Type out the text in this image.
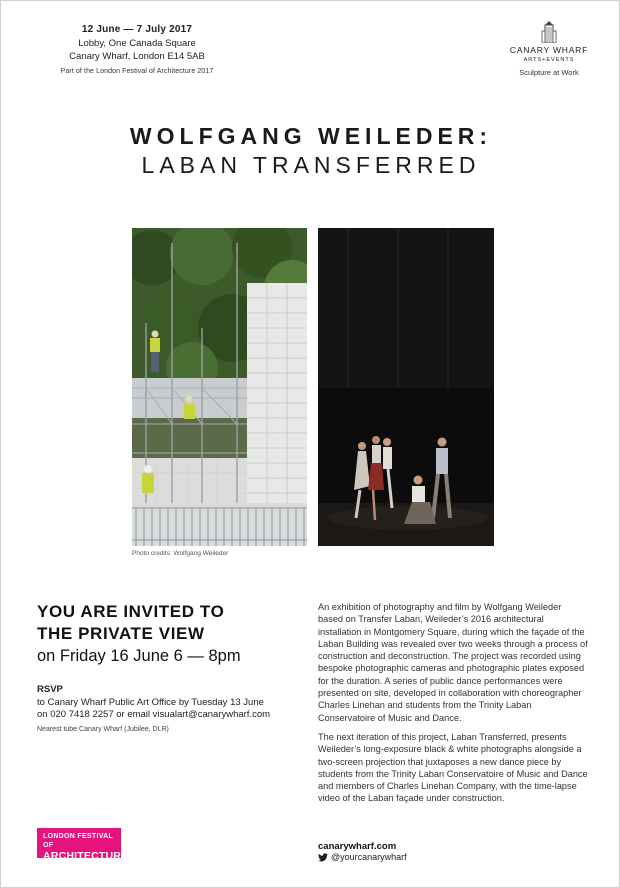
12 June — 7 July 2017
Lobby, One Canada Square
Canary Wharf, London E14 5AB
Part of the London Festival of Architecture 2017
CANARY WHARF
ARTS+EVENTS
Sculpture at Work
WOLFGANG WEILEDER:
LABAN TRANSFERRED
Photo credits: Wolfgang Weileder
YOU ARE INVITED TO
THE PRIVATE VIEW
on Friday 16 June 6 — 8pm
RSVP
to Canary Wharf Public Art Office by Tuesday 13 June
on 020 7418 2257 or email visualart@canarywharf.com
Nearest tube Canary Wharf (Jubilee, DLR)

An exhibition of photography and film by Wolfgang Weileder based on Transfer Laban, Weileder’s 2016 architectural installation in Montgomery Square, during which the façade of the Laban Building was revealed over two weeks through a process of construction and deconstruction. The project was recorded using bespoke photographic cameras and photographic plates exposed for the duration. A series of public dance performances were presented on site, developed in collaboration with choreographer Charles Linehan and students from the Trinity Laban Conservatoire of Music and Dance.

The next iteration of this project, Laban Transferred, presents Weileder’s long-exposure black & white photographs alongside a two-screen projection that juxtaposes a new dance piece by students from the Trinity Laban Conservatoire of Music and Dance and members of Charles Linehan Company, with the time-lapse video of the Laban façade under construction.

LONDON FESTIVAL OF
ARCHITECTURE
canarywharf.com
@yourcanarywharf
